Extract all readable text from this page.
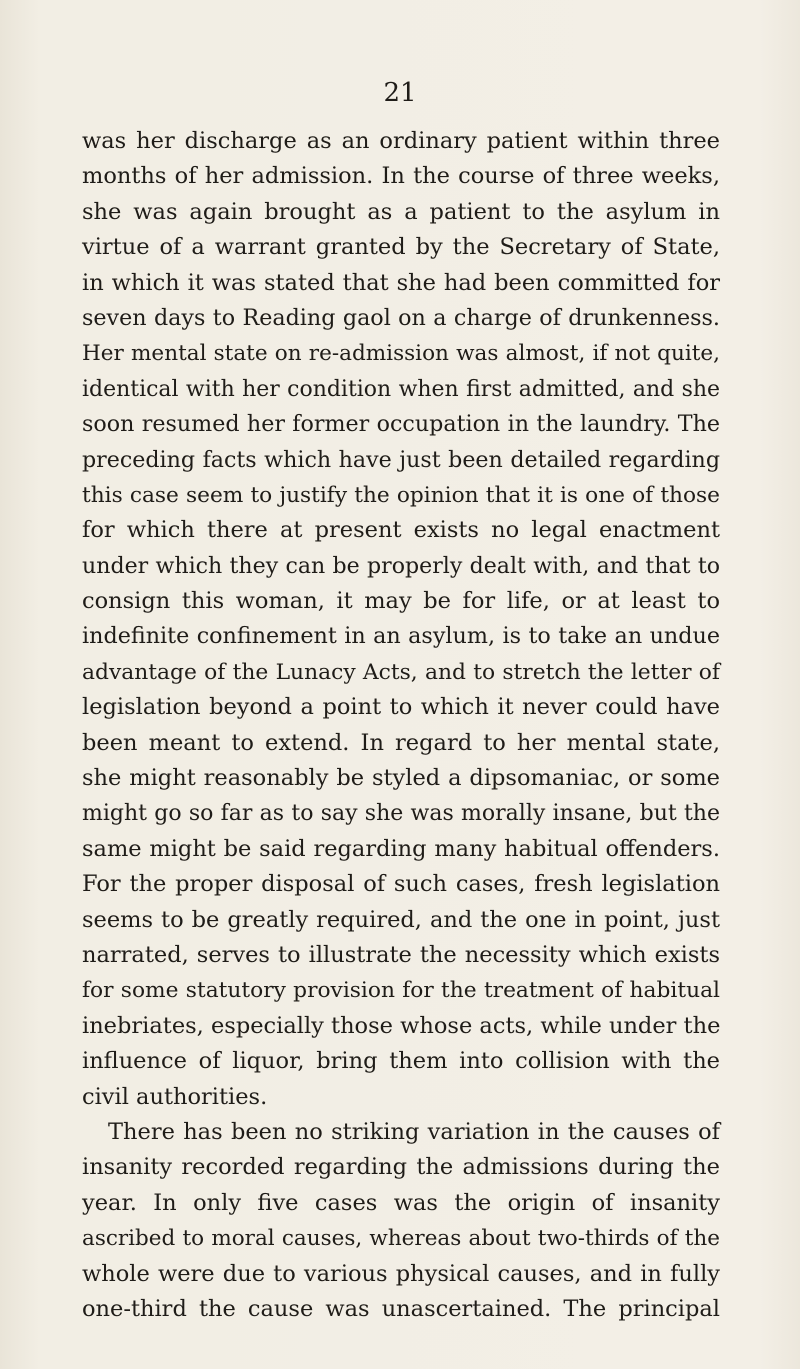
21
was her discharge as an ordinary patient within three
months of her admission. In the course of three weeks,
she was again brought as a patient to the asylum in
virtue of a warrant granted by the Secretary of State,
in which it was stated that she had been committed for
seven days to Reading gaol on a charge of drunkenness.
Her mental state on re-admission was almost, if not quite,
identical with her condition when first admitted, and she
soon resumed her former occupation in the laundry. The
preceding facts which have just been detailed regarding
this case seem to justify the opinion that it is one of those
for which there at present exists no legal enactment
under which they can be properly dealt with, and that to
consign this woman, it may be for life, or at least to
indefinite confinement in an asylum, is to take an undue
advantage of the Lunacy Acts, and to stretch the letter of
legislation beyond a point to which it never could have
been meant to extend. In regard to her mental state,
she might reasonably be styled a dipsomaniac, or some
might go so far as to say she was morally insane, but the
same might be said regarding many habitual offenders.
For the proper disposal of such cases, fresh legislation
seems to be greatly required, and the one in point, just
narrated, serves to illustrate the necessity which exists
for some statutory provision for the treatment of habitual
inebriates, especially those whose acts, while under the
influence of liquor, bring them into collision with the
civil authorities.
There has been no striking variation in the causes of
insanity recorded regarding the admissions during the
year. In only five cases was the origin of insanity
ascribed to moral causes, whereas about two-thirds of the
whole were due to various physical causes, and in fully
one-third the cause was unascertained. The principal
